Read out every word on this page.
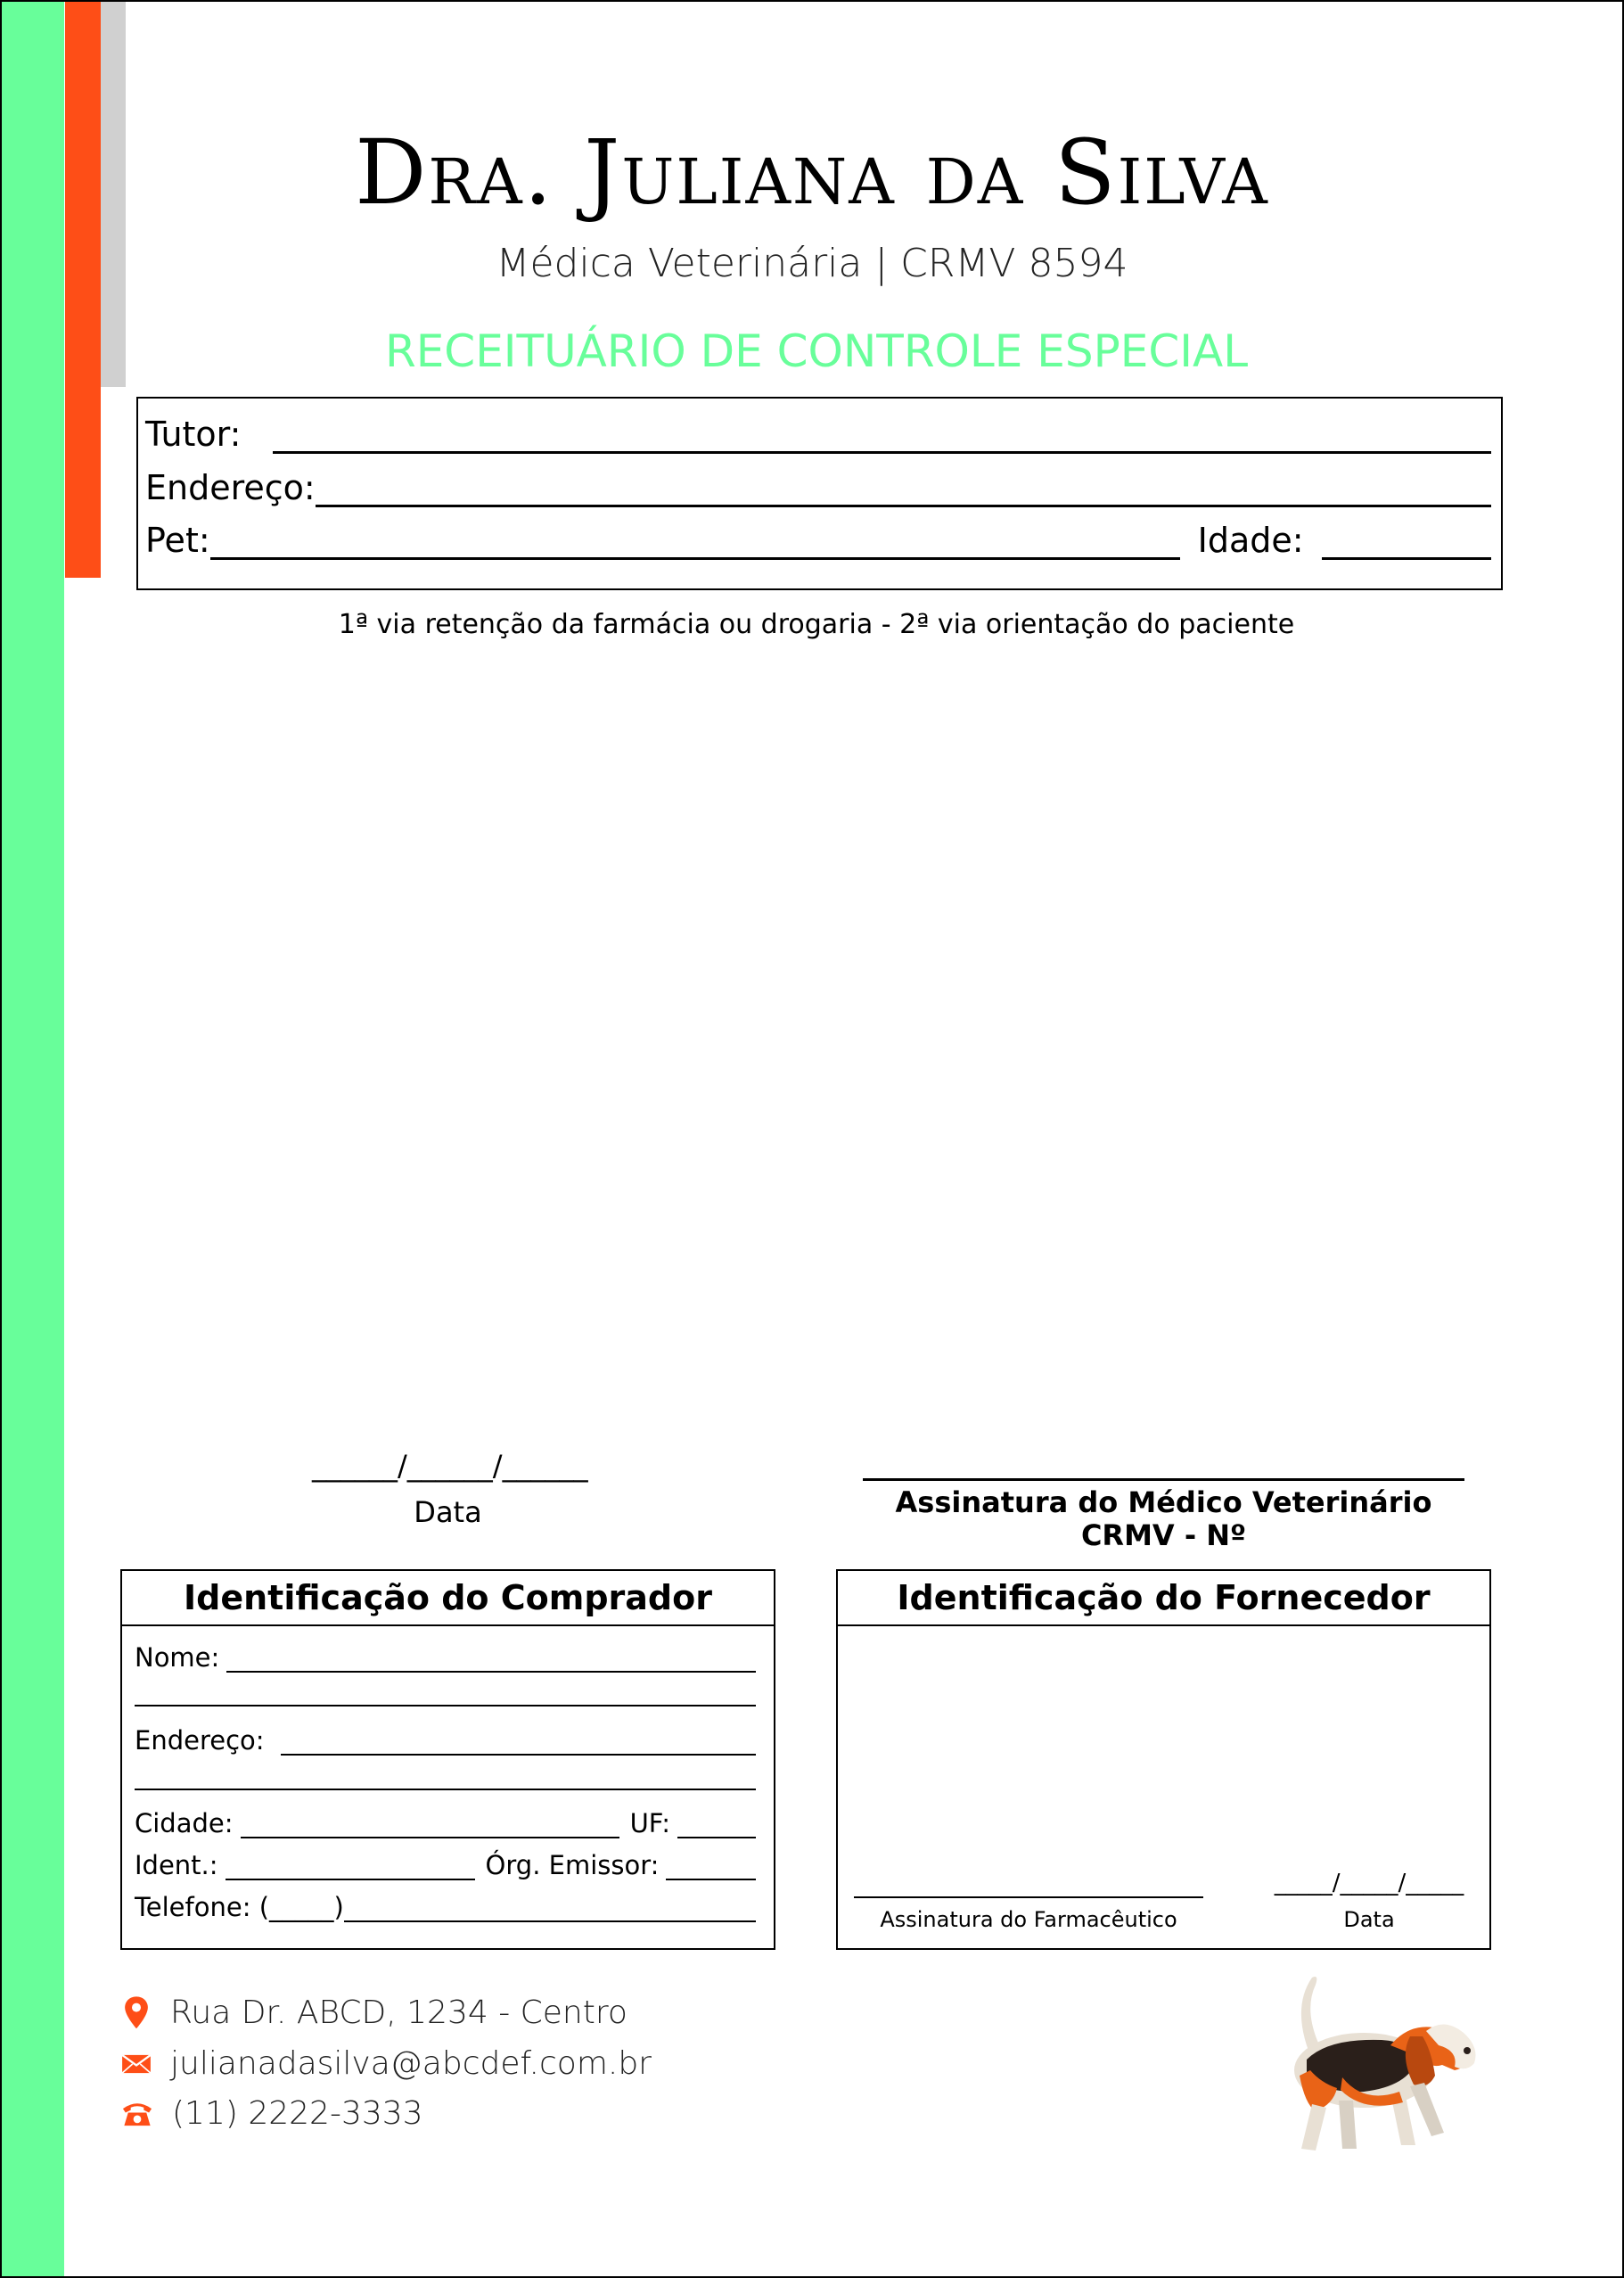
Dra. Juliana da Silva
Médica Veterinária | CRMV 8594
RECEITUÁRIO DE CONTROLE ESPECIAL
Tutor:
Endereço:
Pet:	Idade:
1ª via retenção da farmácia ou drogaria - 2ª via orientação do paciente
______/______/______
Data	Assinatura do Médico Veterinário
CRMV - Nº
Identificação do Comprador
Nome:
Endereço:
Cidade:	UF:
Ident.:	Órg. Emissor:
Telefone: (_____)
Identificação do Fornecedor
Assinatura do Farmacêutico
_____/_____/_____
Data
Rua Dr. ABCD, 1234 - Centro
julianadasilva@abcdef.com.br
(11) 2222-3333
